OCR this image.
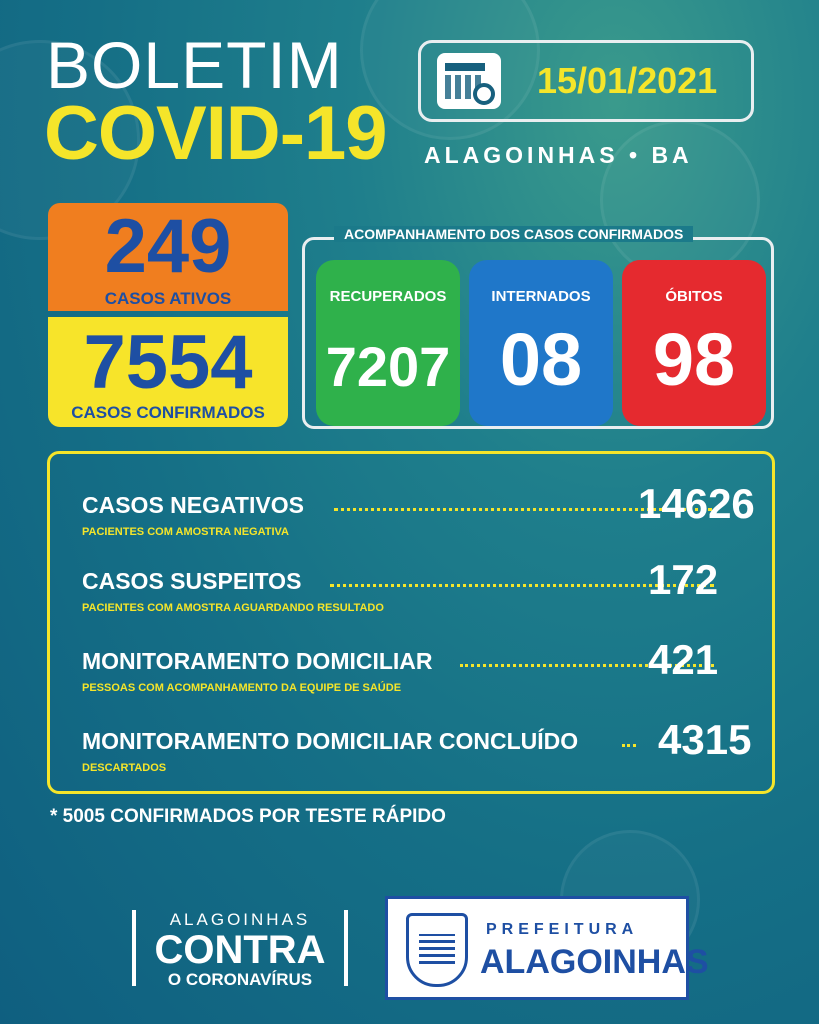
BOLETIM
COVID-19
15/01/2021
ALAGOINHAS • BA
249
CASOS ATIVOS
7554
CASOS CONFIRMADOS
ACOMPANHAMENTO DOS CASOS CONFIRMADOS
RECUPERADOS
7207
INTERNADOS
08
ÓBITOS
98
CASOS NEGATIVOS
PACIENTES COM AMOSTRA NEGATIVA
14626
CASOS SUSPEITOS
PACIENTES COM AMOSTRA AGUARDANDO RESULTADO
172
MONITORAMENTO DOMICILIAR
PESSOAS COM ACOMPANHAMENTO DA EQUIPE DE SAÚDE
421
MONITORAMENTO DOMICILIAR CONCLUÍDO
DESCARTADOS
4315
* 5005 CONFIRMADOS POR TESTE RÁPIDO
ALAGOINHAS
CONTRA
O CORONAVÍRUS
PREFEITURA
ALAGOINHAS
